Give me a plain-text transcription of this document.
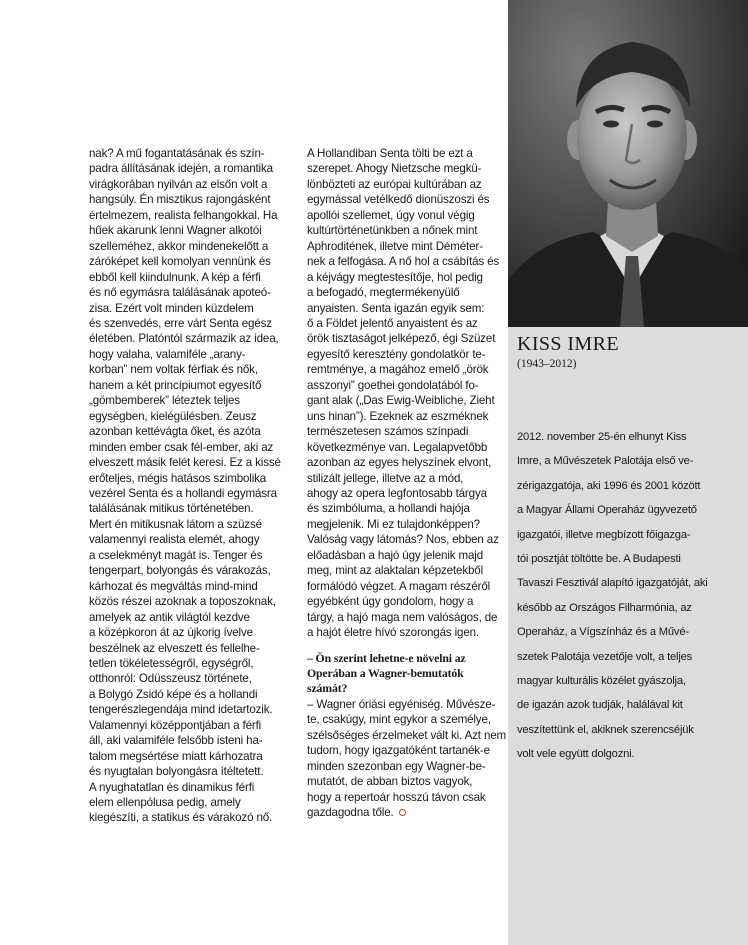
nak? A mű fogantatásának és szín-

padra állításának idején, a romantika

virágkorában nyilván az elsőn volt a

hangsúly. Én misztikus rajongásként

értelmezem, realista felhangokkal. Ha

hűek akarunk lenni Wagner alkotói

szelleméhez, akkor mindenekelőtt a

záróképet kell komolyan vennünk és

ebből kell kiindulnunk. A kép a férfi

és nő egymásra találásának apoteó-

zisa. Ezért volt minden küzdelem

és szenvedés, erre várt Senta egész

életében. Platóntól származik az idea,

hogy valaha, valamiféle „arany-

korban” nem voltak férfiak és nők,

hanem a két princípiumot egyesítő

„gömbemberek” léteztek teljes

egységben, kielégülésben. Zeusz

azonban kettévágta őket, és azóta

minden ember csak fél-ember, aki az

elveszett másik felét keresi. Ez a kissé

erőteljes, mégis hatásos szimbolika

vezérel Senta és a hollandi egymásra

találásának mitikus történetében.

Mert én mitikusnak látom a szüzsé

valamennyi realista elemét, ahogy

a cselekményt magát is. Tenger és

tengerpart, bolyongás és várakozás,

kárhozat és megváltás mind-mind

közös részei azoknak a toposzoknak,

amelyek az antik világtól kezdve

a középkoron át az újkorig ívelve

beszélnek az elveszett és fellelhe-

tetlen tökéletességről, egységről,

otthonról: Odüsszeusz története,

a Bolygó Zsidó képe és a hollandi

tengerészlegendája mind idetartozik.

Valamennyi középpontjában a férfi

áll, aki valamiféle felsőbb isteni ha-

talom megsértése miatt kárhozatra

és nyugtalan bolyongásra ítéltetett.

A nyughatatlan és dinamikus férfi

elem ellenpólusa pedig, amely

kiegészíti, a statikus és várakozó nő.

A Hollandiban Senta tölti be ezt a

szerepet. Ahogy Nietzsche megkü-

lönbözteti az európai kultúrában az

egymással vetélkedő dionüszoszi és

apollói szellemet, úgy vonul végig

kultúrtörténetünkben a nőnek mint

Aphroditének, illetve mint Déméter-

nek a felfogása. A nő hol a csábítás és

a kéjvágy megtestesítője, hol pedig

a befogadó, megtermékenyülő

anyaisten. Senta igazán egyik sem:

ő a Földet jelentő anyaistent és az

örök tisztaságot jelképező, égi Szüzet

egyesítő keresztény gondolatkör te-

remtménye, a magához emelő „örök

asszonyi” goethei gondolatából fo-

gant alak („Das Ewig-Weibliche, Zieht

uns hinan”). Ezeknek az eszméknek

természetesen számos színpadi

következménye van. Legalapvetőbb

azonban az egyes helyszínek elvont,

stilizált jellege, illetve az a mód,

ahogy az opera legfontosabb tárgya

és szimbóluma, a hollandi hajója

megjelenik. Mi ez tulajdonképpen?

Valóság vagy látomás? Nos, ebben az

előadásban a hajó úgy jelenik majd

meg, mint az alaktalan képzetekből

formálódó végzet. A magam részéről

egyébként úgy gondolom, hogy a

tárgy, a hajó maga nem valóságos, de

a hajót életre hívó szorongás igen.

– Ön szerint lehetne-e növelni az

Operában a Wagner-bemutatók

számát?

– Wagner óriási egyéniség. Művésze-

te, csakúgy, mint egykor a személye,

szélsőséges érzelmeket vált ki. Azt nem

tudom, hogy igazgatóként tartanék-e

minden szezonban egy Wagner-be-

mutatót, de abban biztos vagyok,

hogy a repertoár hosszú távon csak

gazdagodna tőle.

KISS IMRE
(1943–2012)

2012. november 25-én elhunyt Kiss

Imre, a Művészetek Palotája első ve-

zérigazgatója, aki 1996 és 2001 között

a Magyar Állami Operaház ügyvezető

igazgatói, illetve megbízott főigazga-

tói posztját töltötte be. A Budapesti

Tavaszi Fesztivál alapító igazgatóját, aki

később az Országos Filharmónia, az

Operaház, a Vígszínház és a Művé-

szetek Palotája vezetője volt, a teljes

magyar kulturális közélet gyászolja,

de igazán azok tudják, halálával kit

veszítettünk el, akiknek szerencséjük

volt vele együtt dolgozni.
